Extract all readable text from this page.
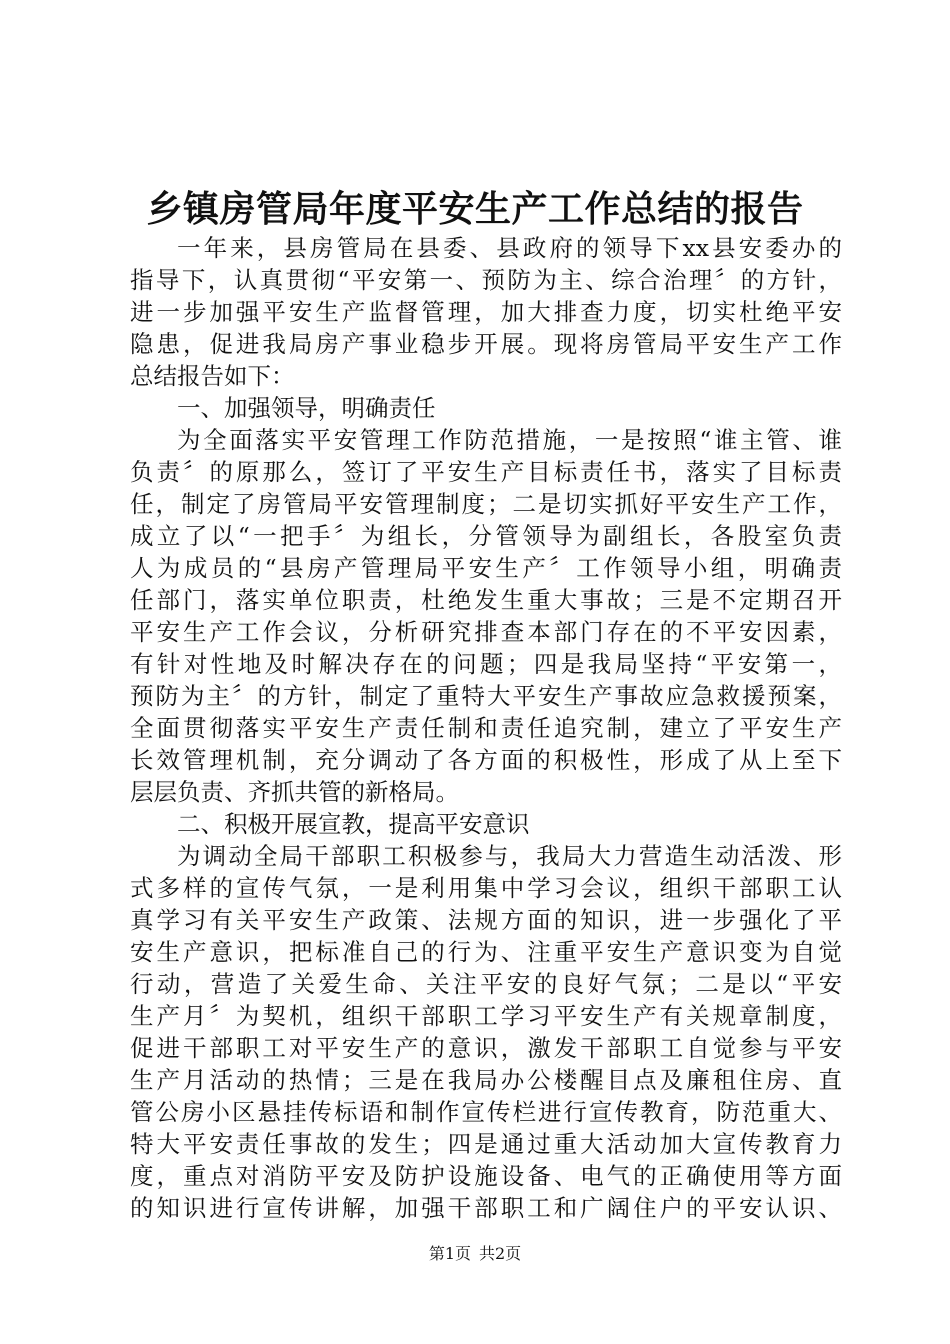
乡镇房管局年度平安生产工作总结的报告
一年来，县房管局在县委、县政府的领导下xx县安委办的
指导下，认真贯彻“平安第一、预防为主、综合治理〞的方针，
进一步加强平安生产监督管理，加大排查力度，切实杜绝平安
隐患，促进我局房产事业稳步开展。现将房管局平安生产工作
总结报告如下：
一、加强领导，明确责任
为全面落实平安管理工作防范措施，一是按照“谁主管、谁
负责〞的原那么，签订了平安生产目标责任书，落实了目标责
任，制定了房管局平安管理制度；二是切实抓好平安生产工作，
成立了以“一把手〞为组长，分管领导为副组长，各股室负责
人为成员的“县房产管理局平安生产〞工作领导小组，明确责
任部门，落实单位职责，杜绝发生重大事故；三是不定期召开
平安生产工作会议，分析研究排查本部门存在的不平安因素，
有针对性地及时解决存在的问题；四是我局坚持“平安第一，
预防为主〞的方针，制定了重特大平安生产事故应急救援预案，
全面贯彻落实平安生产责任制和责任追究制，建立了平安生产
长效管理机制，充分调动了各方面的积极性，形成了从上至下
层层负责、齐抓共管的新格局。
二、积极开展宣教，提高平安意识
为调动全局干部职工积极参与，我局大力营造生动活泼、形
式多样的宣传气氛，一是利用集中学习会议，组织干部职工认
真学习有关平安生产政策、法规方面的知识，进一步强化了平
安生产意识，把标准自己的行为、注重平安生产意识变为自觉
行动，营造了关爱生命、关注平安的良好气氛；二是以“平安
生产月〞为契机，组织干部职工学习平安生产有关规章制度，
促进干部职工对平安生产的意识，激发干部职工自觉参与平安
生产月活动的热情；三是在我局办公楼醒目点及廉租住房、直
管公房小区悬挂传标语和制作宣传栏进行宣传教育，防范重大、
特大平安责任事故的发生；四是通过重大活动加大宣传教育力
度，重点对消防平安及防护设施设备、电气的正确使用等方面
的知识进行宣传讲解，加强干部职工和广阔住户的平安认识、
第1页 共2页
